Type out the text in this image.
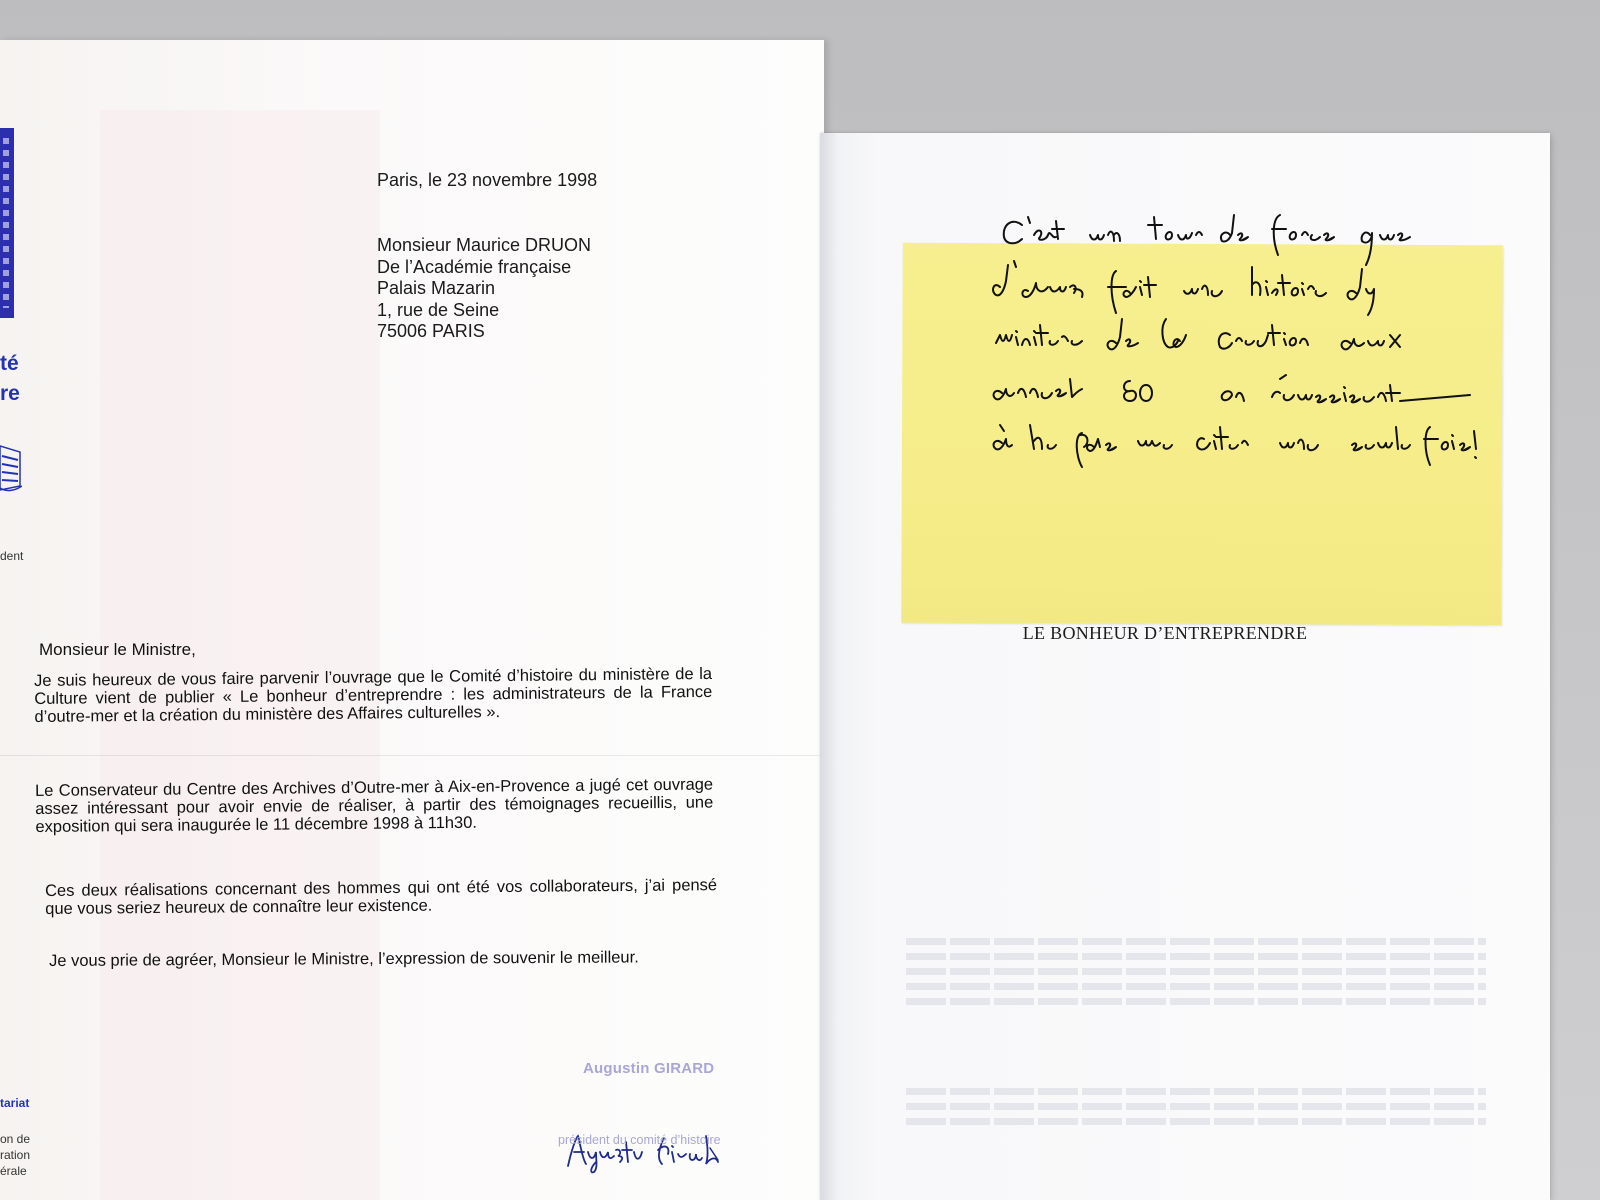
té
re
dent
tariat
on de
ration
érale
Paris, le 23 novembre 1998
Monsieur Maurice DRUON
De l’Académie française
Palais Mazarin
1, rue de Seine
75006 PARIS
Monsieur le Ministre,
Je suis heureux de vous faire parvenir l’ouvrage que le Comité d’histoire du ministère de la Culture vient de publier « Le bonheur d’entreprendre : les administrateurs de la France d’outre-mer et la création du ministère des Affaires culturelles ».
Le Conservateur du Centre des Archives d’Outre-mer à Aix-en-Provence a jugé cet ouvrage assez intéressant pour avoir envie de réaliser, à partir des témoignages recueillis, une exposition qui sera inaugurée le 11 décembre 1998 à 11h30.
Ces deux réalisations concernant des hommes qui ont été vos collaborateurs, j’ai pensé que vous seriez heureux de connaître leur existence.
Je vous prie de agréer, Monsieur le Ministre, l’expression de souvenir le meilleur.
Augustin GIRARD
président du comité d’histoire
LE BONHEUR D’ENTREPRENDRE
